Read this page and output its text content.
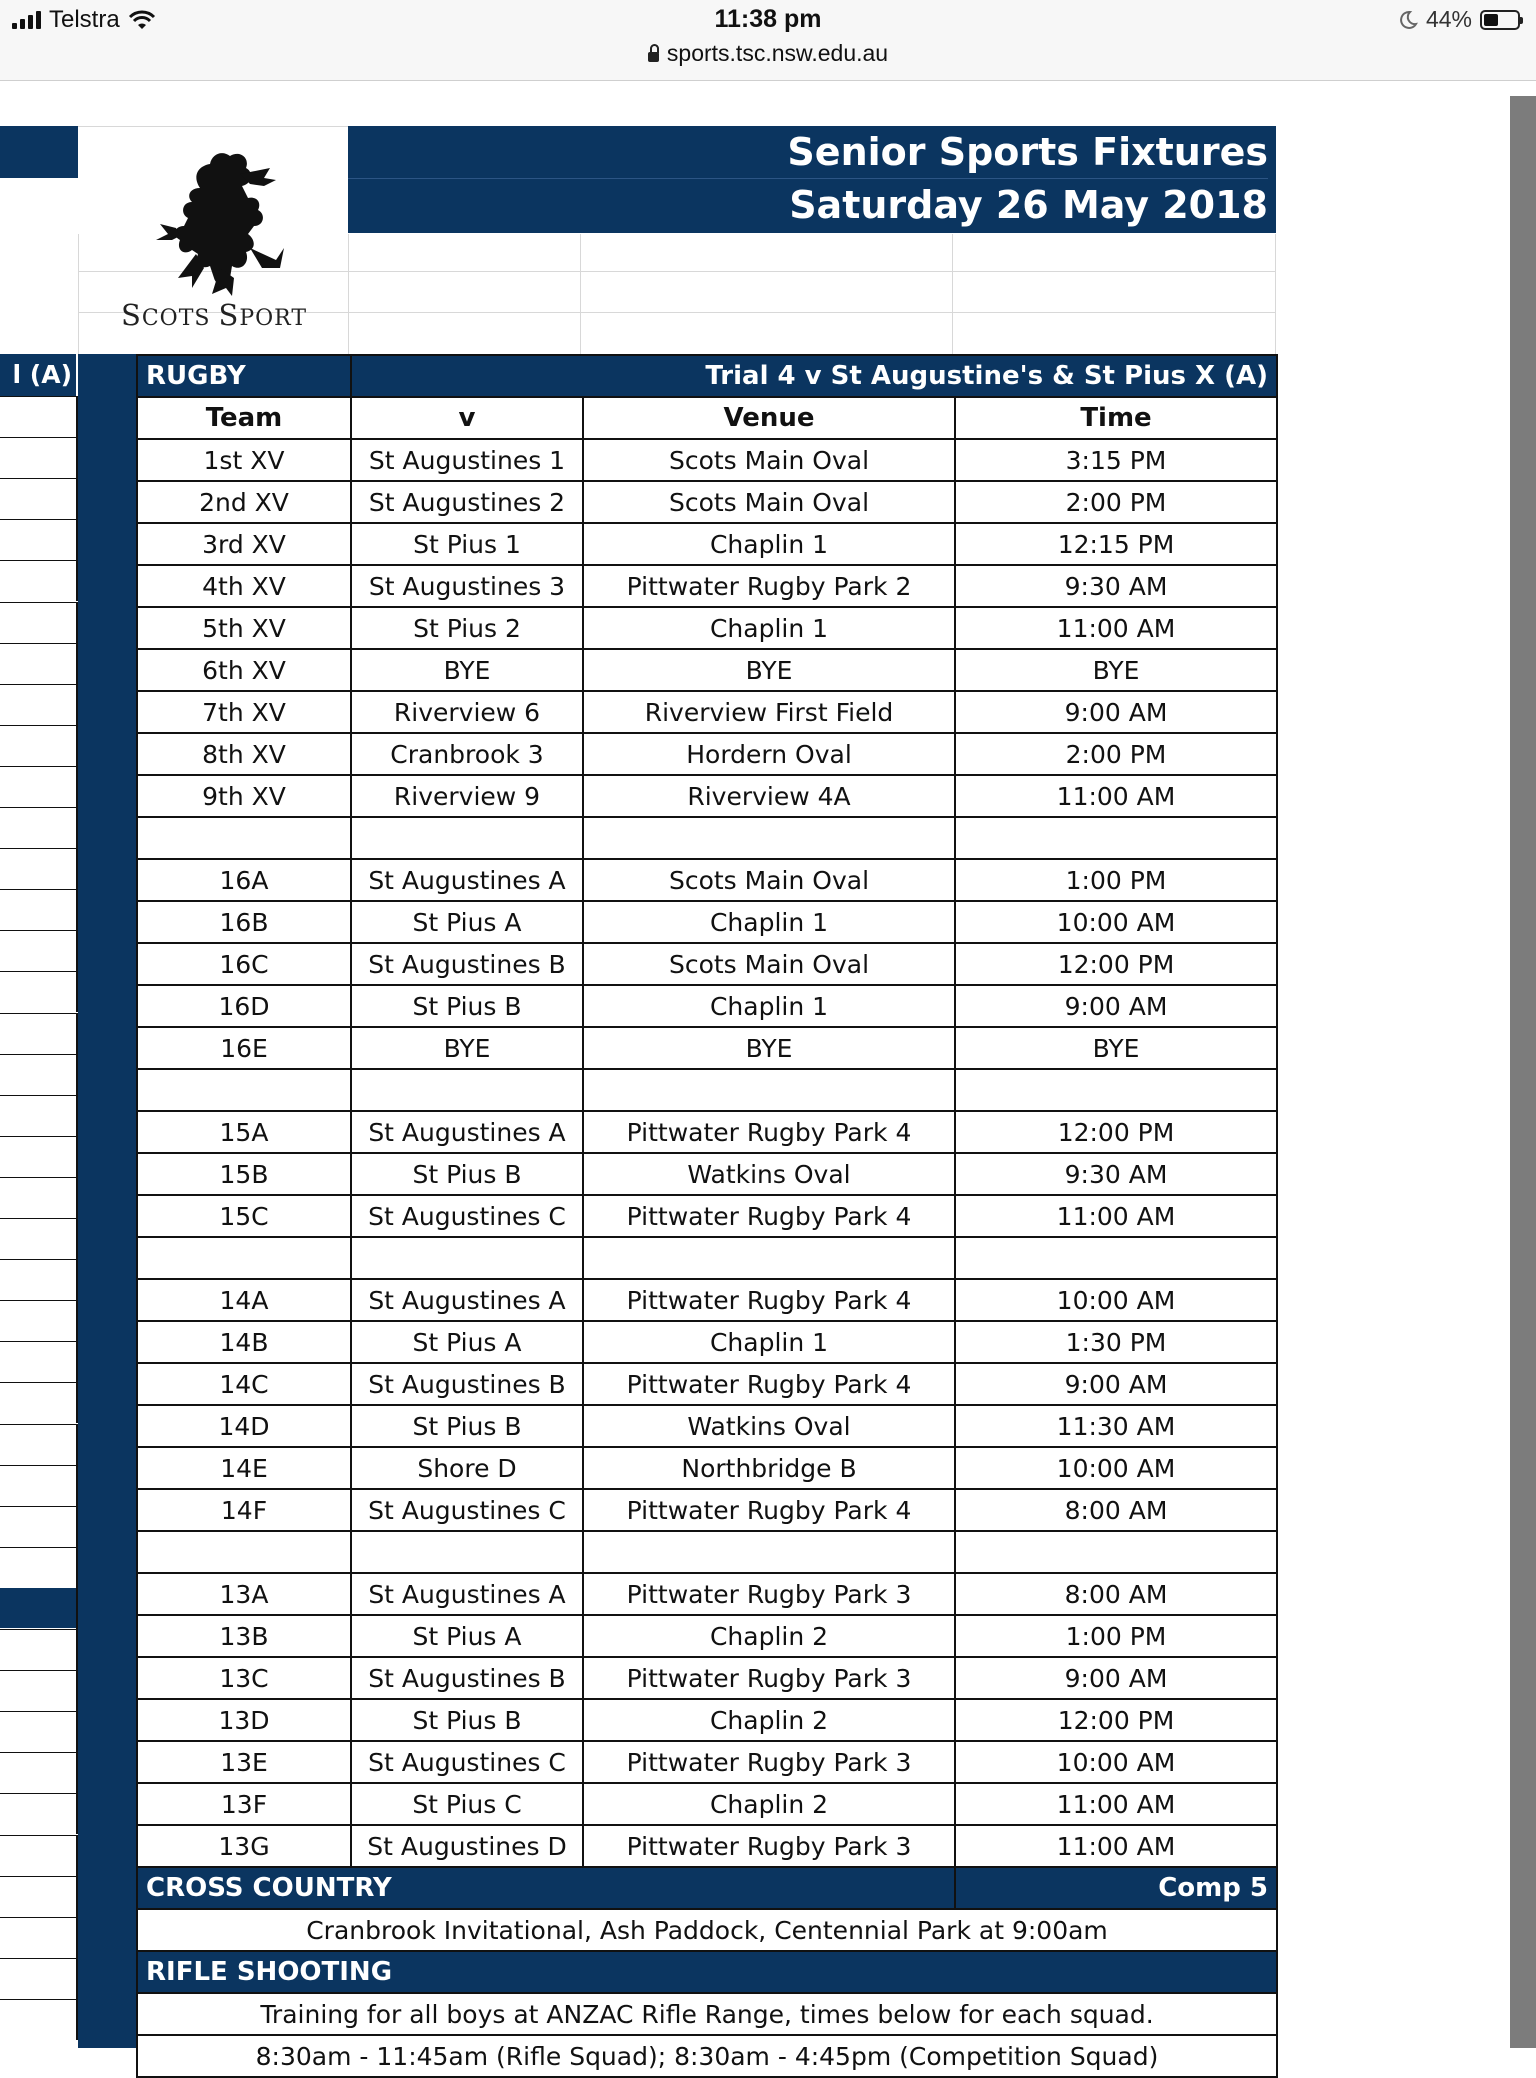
Telstra	11:38 pm
sports.tsc.nsw.edu.au
44%
l (A)
SCOTS SPORT
Senior Sports Fixtures
Saturday 26 May 2018
RUGBY	Trial 4 v St Augustine's & St Pius X (A)		
Team	v	Venue	Time
1st XV	St Augustines 1	Scots Main Oval	3:15 PM
2nd XV	St Augustines 2	Scots Main Oval	2:00 PM
3rd XV	St Pius 1	Chaplin 1	12:15 PM
4th XV	St Augustines 3	Pittwater Rugby Park 2	9:30 AM
5th XV	St Pius 2	Chaplin 1	11:00 AM
6th XV	BYE	BYE	BYE
7th XV	Riverview 6	Riverview First Field	9:00 AM
8th XV	Cranbrook 3	Hordern Oval	2:00 PM
9th XV	Riverview 9	Riverview 4A	11:00 AM

16A	St Augustines A	Scots Main Oval	1:00 PM
16B	St Pius A	Chaplin 1	10:00 AM
16C	St Augustines B	Scots Main Oval	12:00 PM
16D	St Pius B	Chaplin 1	9:00 AM
16E	BYE	BYE	BYE

15A	St Augustines A	Pittwater Rugby Park 4	12:00 PM
15B	St Pius B	Watkins Oval	9:30 AM
15C	St Augustines C	Pittwater Rugby Park 4	11:00 AM

14A	St Augustines A	Pittwater Rugby Park 4	10:00 AM
14B	St Pius A	Chaplin 1	1:30 PM
14C	St Augustines B	Pittwater Rugby Park 4	9:00 AM
14D	St Pius B	Watkins Oval	11:30 AM
14E	Shore D	Northbridge B	10:00 AM
14F	St Augustines C	Pittwater Rugby Park 4	8:00 AM

13A	St Augustines A	Pittwater Rugby Park 3	8:00 AM
13B	St Pius A	Chaplin 2	1:00 PM
13C	St Augustines B	Pittwater Rugby Park 3	9:00 AM
13D	St Pius B	Chaplin 2	12:00 PM
13E	St Augustines C	Pittwater Rugby Park 3	10:00 AM
13F	St Pius C	Chaplin 2	11:00 AM
13G	St Augustines D	Pittwater Rugby Park 3	11:00 AM
CROSS COUNTRY			Comp 5
Cranbrook Invitational, Ash Paddock, Centennial Park at 9:00am			
RIFLE SHOOTING			
Training for all boys at ANZAC Rifle Range, times below for each squad.			
8:30am - 11:45am (Rifle Squad); 8:30am - 4:45pm (Competition Squad)			
